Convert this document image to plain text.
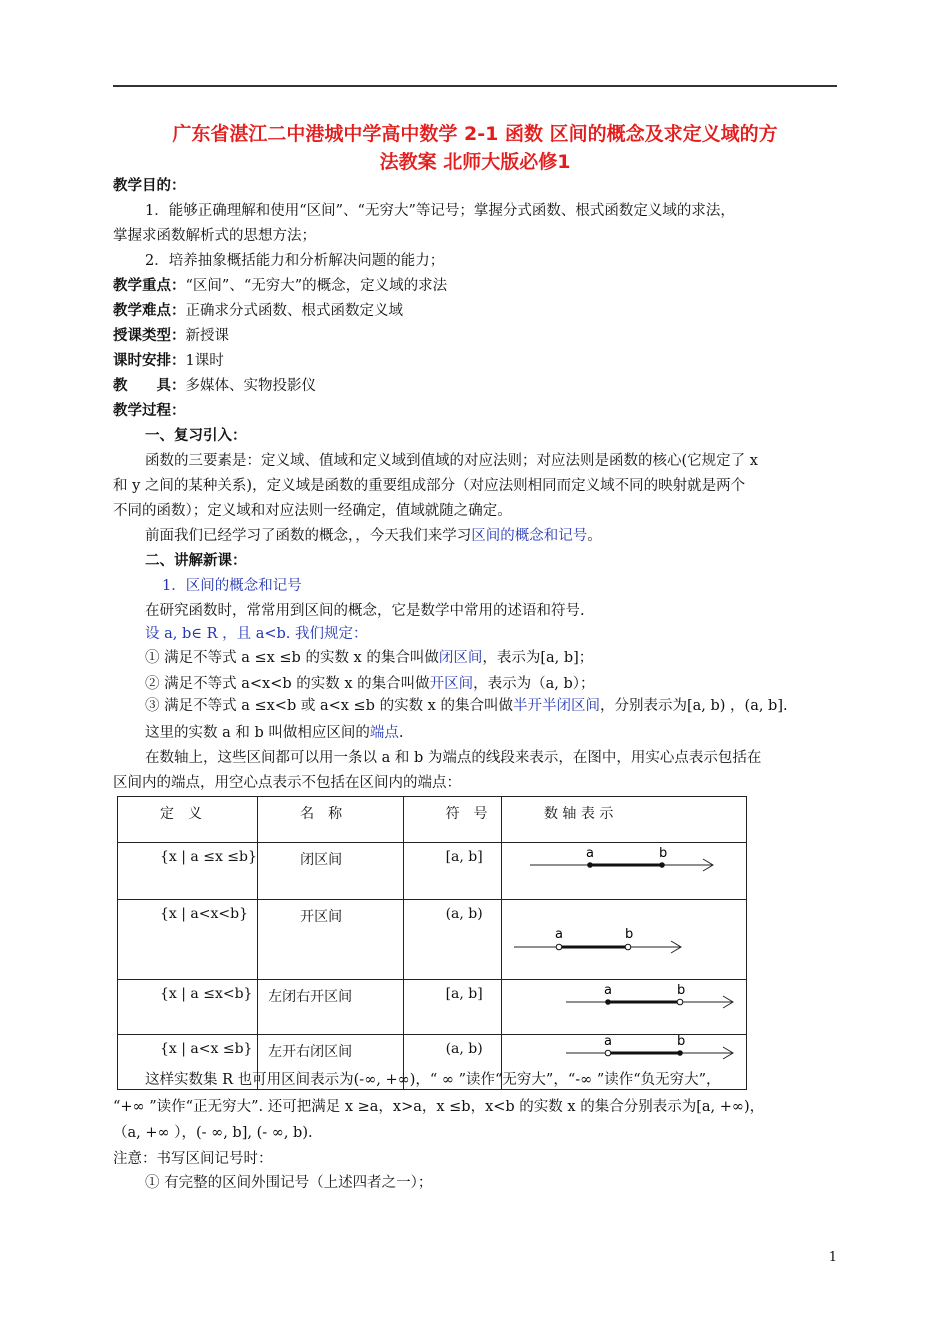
广东省湛江二中港城中学高中数学 2-1 函数 区间的概念及求定义域的方
法教案 北师大版必修1
教学目的：
1．能够正确理解和使用“区间”、“无穷大”等记号；掌握分式函数、根式函数定义域的求法，
掌握求函数解析式的思想方法；
2．培养抽象概括能力和分析解决问题的能力；
教学重点：“区间”、“无穷大”的概念，定义域的求法
教学难点：正确求分式函数、根式函数定义域
授课类型：新授课
课时安排：1课时
教　　具：多媒体、实物投影仪
教学过程：
一、复习引入：
函数的三要素是：定义域、值域和定义域到值域的对应法则；对应法则是函数的核心(它规定了 x
和 y 之间的某种关系)，定义域是函数的重要组成部分（对应法则相同而定义域不同的映射就是两个
不同的函数）；定义域和对应法则一经确定，值域就随之确定。
前面我们已经学习了函数的概念，，今天我们来学习区间的概念和记号。
二、讲解新课：
1．区间的概念和记号
在研究函数时，常常用到区间的概念，它是数学中常用的述语和符号.
设 a, b∈ R ，且 a<b. 我们规定：
① 满足不等式 a ≤x ≤b 的实数 x 的集合叫做闭区间，表示为[a, b]；
② 满足不等式 a<x<b 的实数 x 的集合叫做开区间，表示为（a, b）；
③ 满足不等式 a ≤x<b 或 a<x ≤b 的实数 x 的集合叫做半开半闭区间，分别表示为[a, b) ，(a, b].
这里的实数 a 和 b 叫做相应区间的端点.
在数轴上，这些区间都可以用一条以 a 和 b 为端点的线段来表示，在图中，用实心点表示包括在
区间内的端点，用空心点表示不包括在区间内的端点：
定　义	名　称	符　号	数 轴 表 示

{x | a ≤x ≤b}	闭区间	[a, b]	a b

{x | a<x<b}	开区间	(a, b)	a b

{x | a ≤x<b}	左闭右开区间	[a, b]	a b

{x | a<x ≤b}	左开右闭区间	(a, b)	a b
这样实数集 R 也可用区间表示为(-∞, +∞)，“ ∞ ”读作“无穷大”，“-∞ ”读作“负无穷大”，
“+∞ ”读作“正无穷大”. 还可把满足 x ≥a，x>a，x ≤b，x<b 的实数 x 的集合分别表示为[a, +∞)，
（a, +∞ ），(- ∞, b], (- ∞, b).
注意：书写区间记号时：
① 有完整的区间外围记号（上述四者之一）；
1
